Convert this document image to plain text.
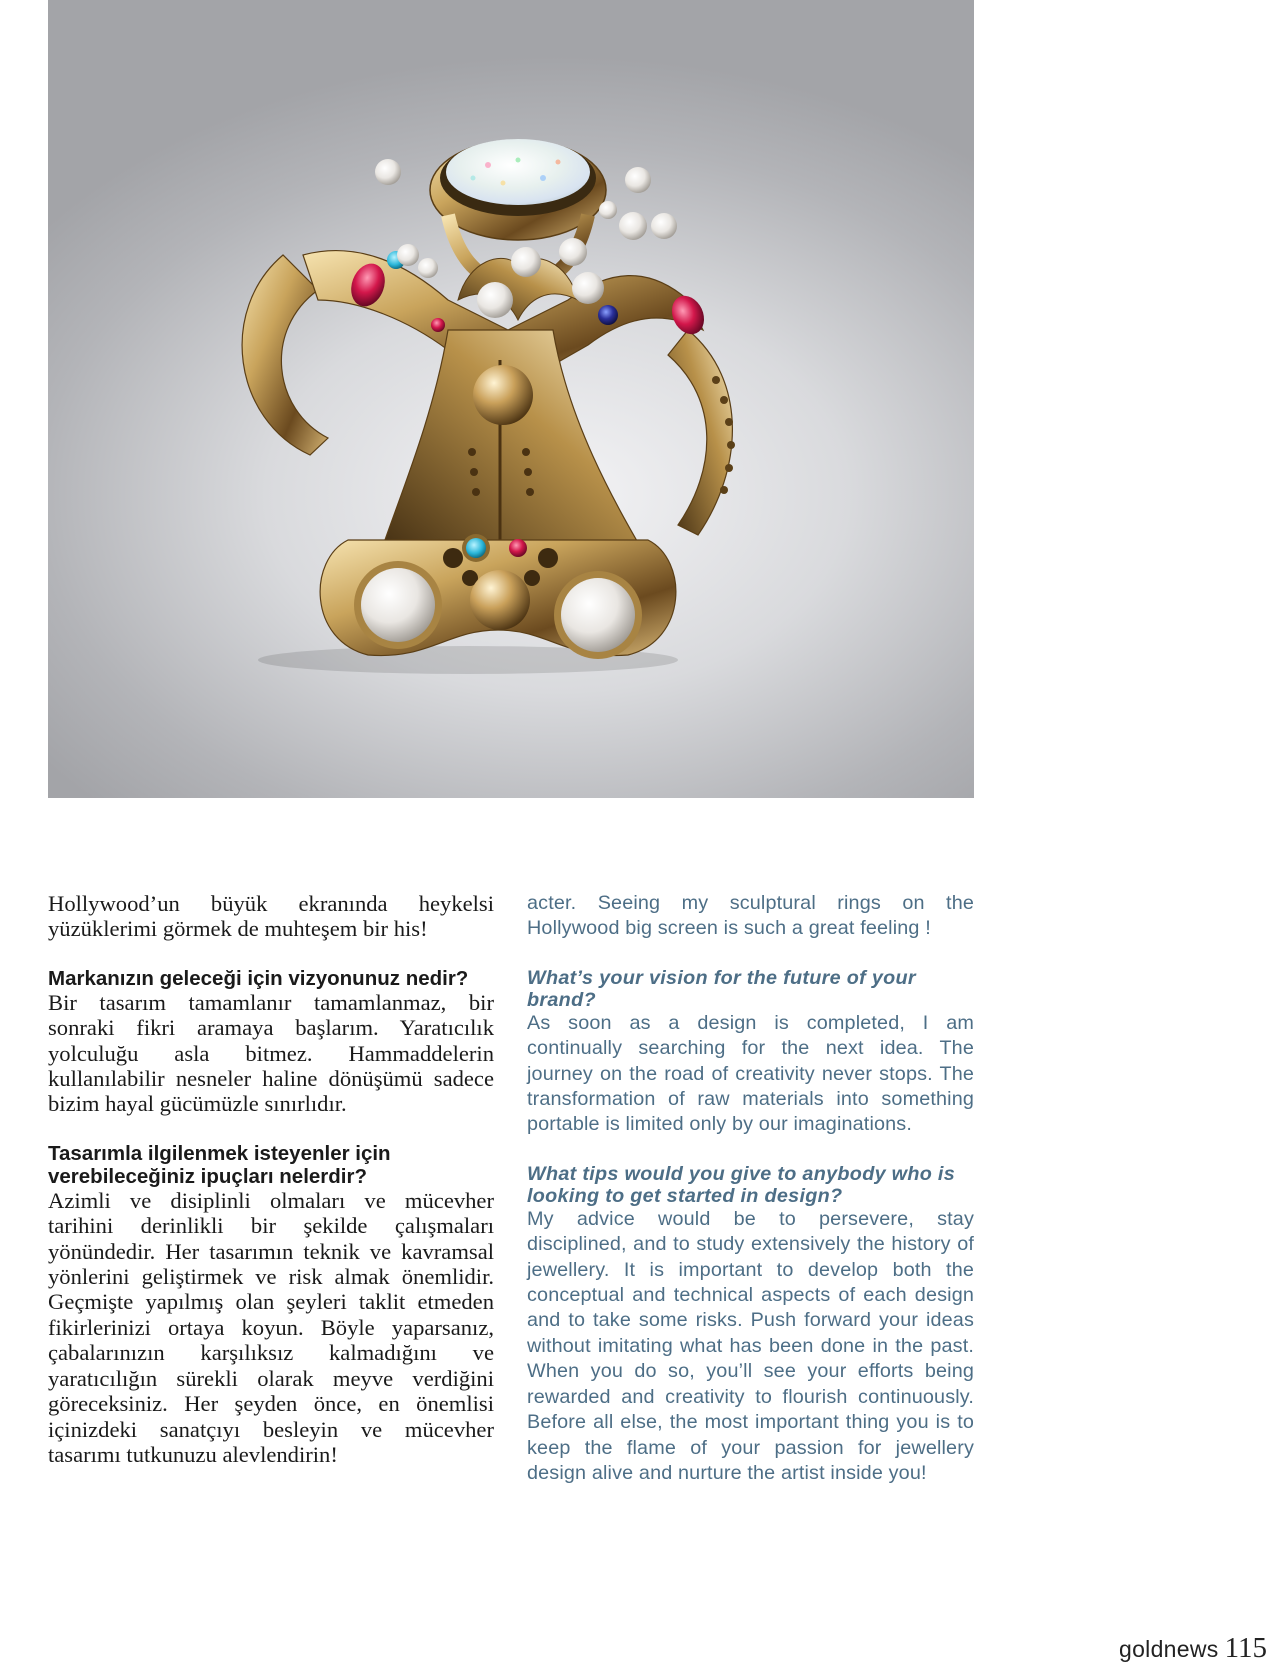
Hollywood’un büyük ekranında heykelsi yüzüklerimi görmek de muhteşem bir his!

Markanızın geleceği için vizyonunuz nedir?

Bir tasarım tamamlanır tamamlanmaz, bir sonraki fikri aramaya başlarım. Yaratıcılık yolculuğu asla bitmez. Hammaddelerin kullanılabilir nesneler haline dönüşümü sadece bizim hayal gücümüzle sınırlıdır.

Tasarımla ilgilenmek isteyenler için verebileceğiniz ipuçları nelerdir?

Azimli ve disiplinli olmaları ve mücevher tarihini derinlikli bir şekilde çalışmaları yönündedir. Her tasarımın teknik ve kavramsal yönlerini geliştirmek ve risk almak önemlidir. Geçmişte yapılmış olan şeyleri taklit etmeden fikirlerinizi ortaya koyun. Böyle yaparsanız, çabalarınızın karşılıksız kalmadığını ve yaratıcılığın sürekli olarak meyve verdiğini göreceksiniz. Her şeyden önce, en önemlisi içinizdeki sanatçıyı besleyin ve mücevher tasarımı tutkunuzu alevlendirin!

acter. Seeing my sculptural rings on the Hollywood big screen is such a great feeling !

What’s your vision for the future of your brand?

As soon as a design is completed, I am continually searching for the next idea. The journey on the road of creativity never stops. The transformation of raw materials into something portable is limited only by our imaginations.

What tips would you give to anybody who is looking to get started in design?

My advice would be to persevere, stay disciplined, and to study extensively the history of jewellery. It is important to develop both the conceptual and technical aspects of each design and to take some risks. Push forward your ideas without imitating what has been done in the past. When you do so, you’ll see your efforts being rewarded and creativity to flourish continuously. Before all else, the most important thing you is to keep the flame of your passion for jewellery design alive and nurture the artist inside you!

goldnews 115
